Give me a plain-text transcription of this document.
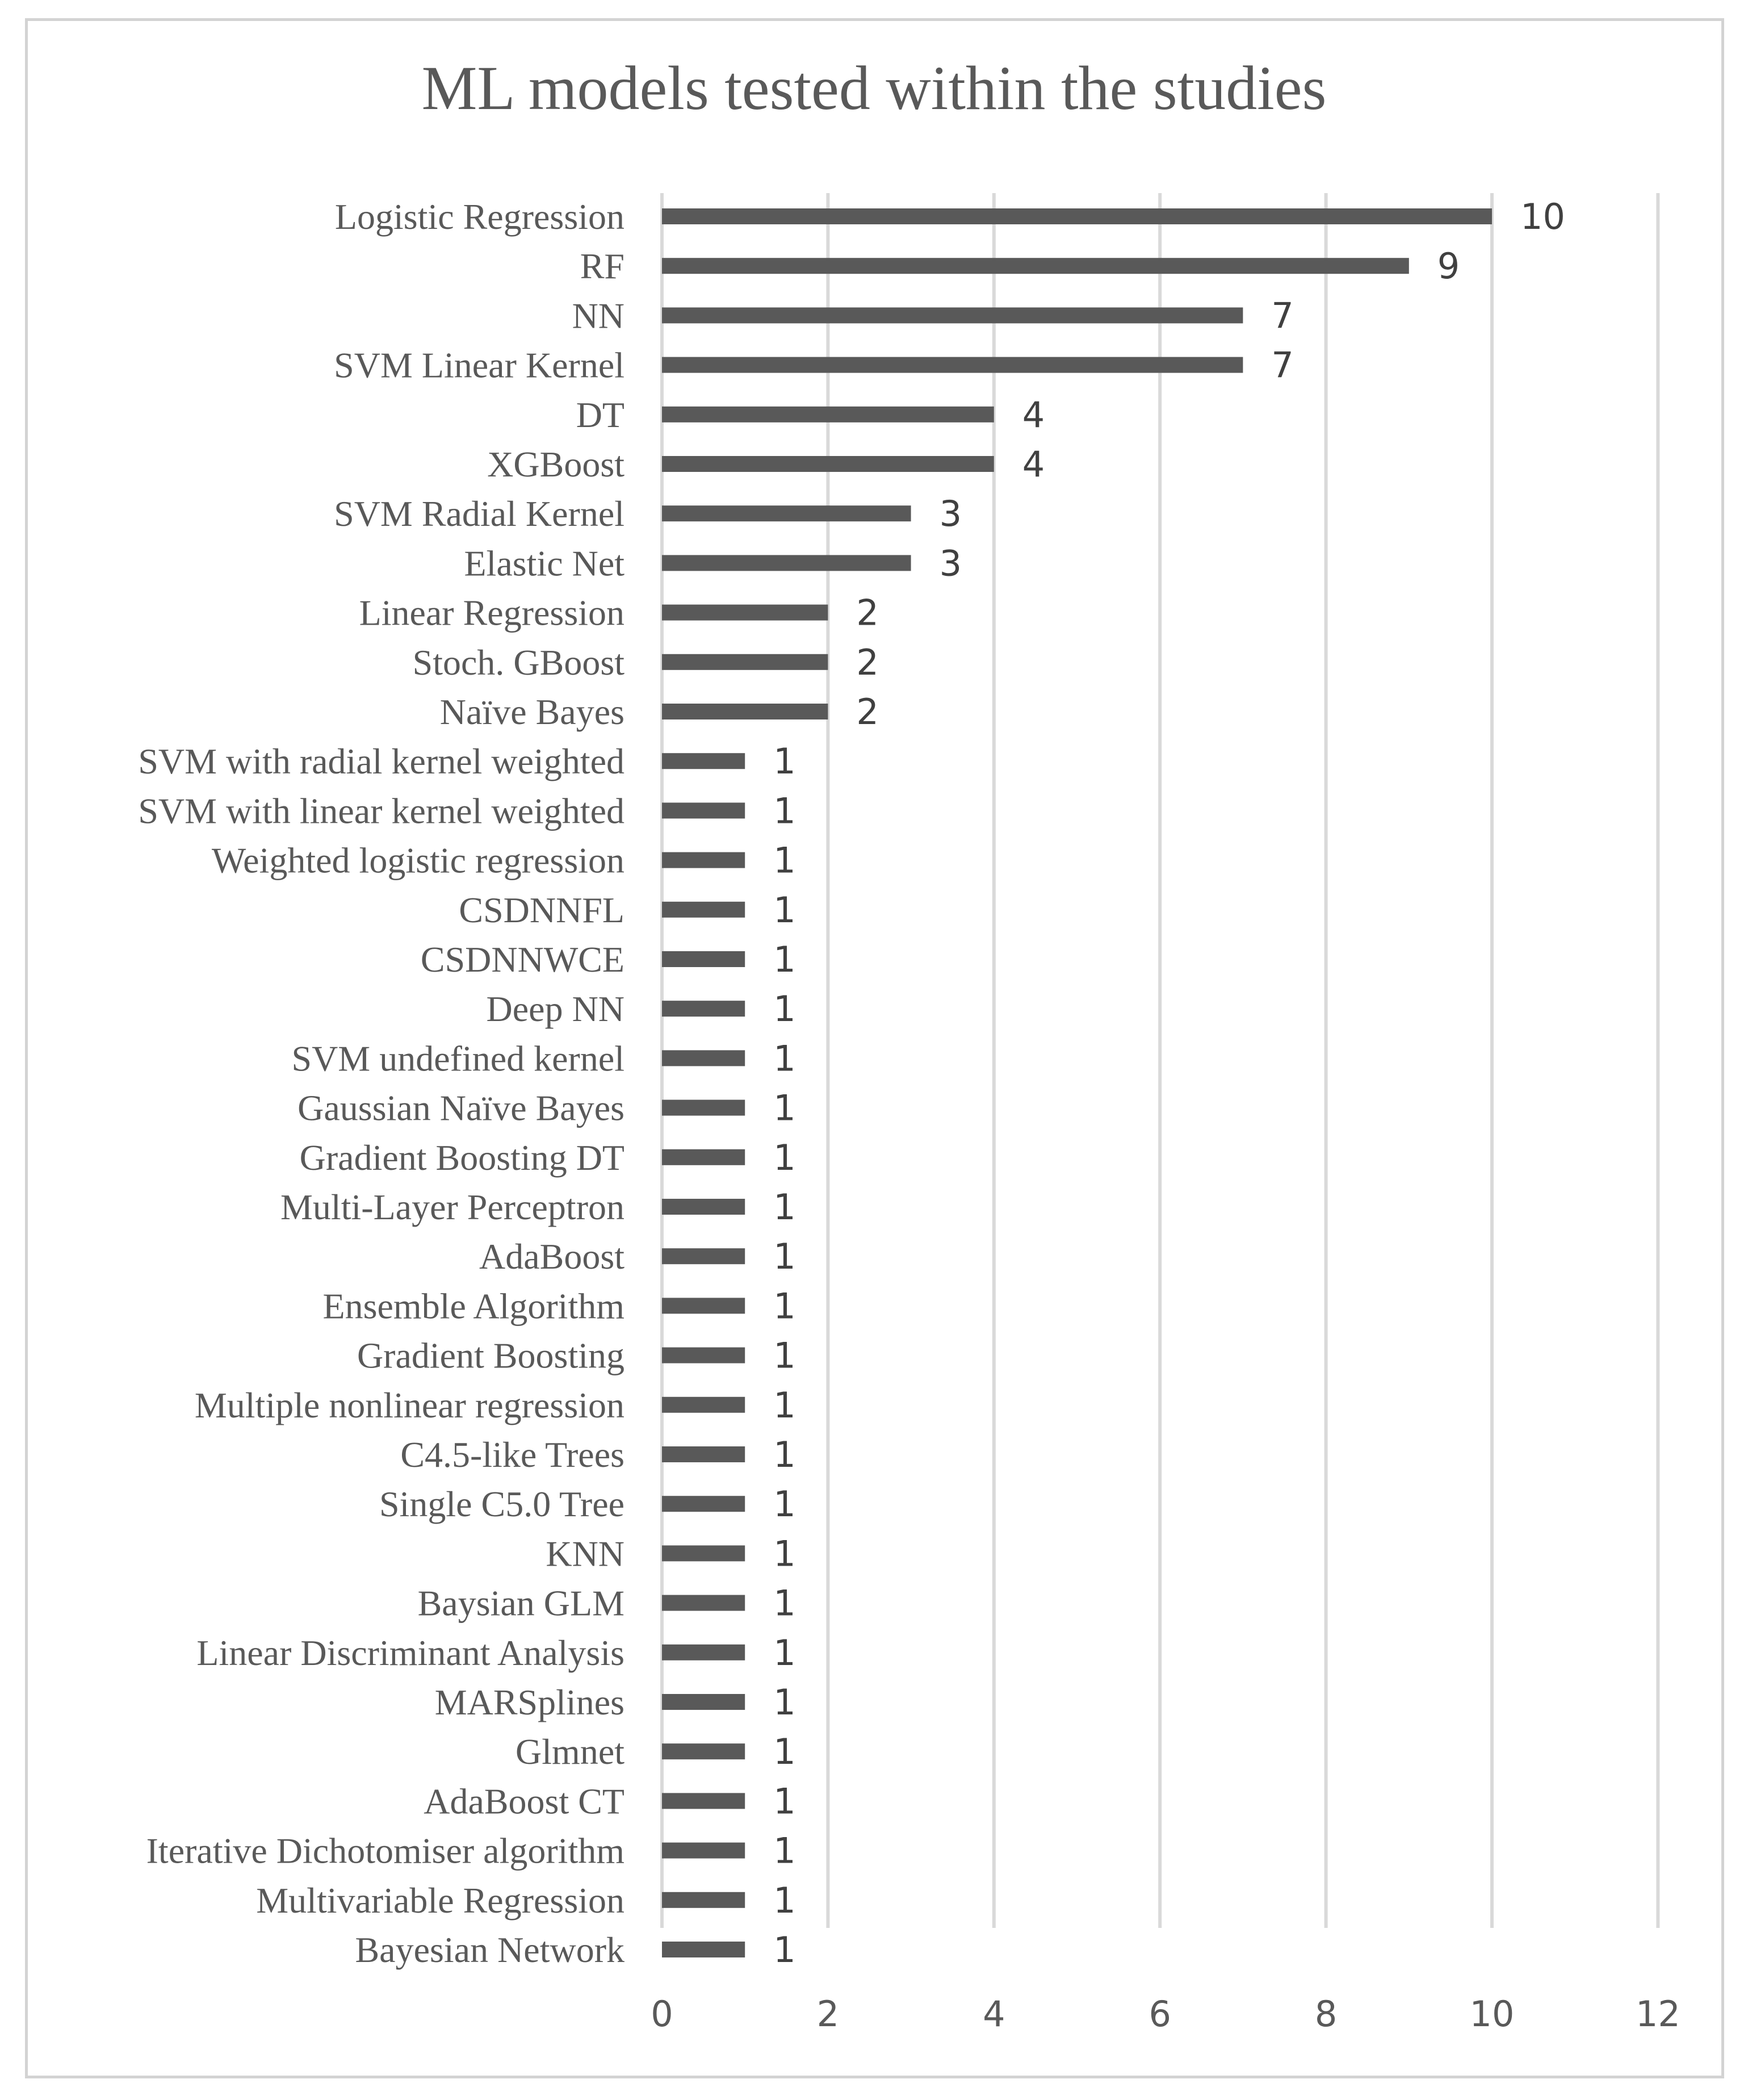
ML models tested within the studies
Logistic Regression
RF
NN
SVM Linear Kernel
DT
XGBoost
SVM Radial Kernel
Elastic Net
Linear Regression
Stoch. GBoost
Naïve Bayes
SVM with radial kernel weighted
SVM with linear kernel weighted
Weighted logistic regression
CSDNNFL
CSDNNWCE
Deep NN
SVM undefined kernel
Gaussian Naïve Bayes
Gradient Boosting DT
Multi-Layer Perceptron
AdaBoost
Ensemble Algorithm
Gradient Boosting
Multiple nonlinear regression
C4.5-like Trees
Single C5.0 Tree
KNN
Baysian GLM
Linear Discriminant Analysis
MARSplines
Glmnet
AdaBoost CT
Iterative Dichotomiser algorithm
Multivariable Regression
Bayesian Network
10
9
7
7
4
4
3
3
2
2
2
1
1
1
1
1
1
1
1
1
1
1
1
1
1
1
1
1
1
1
1
1
1
1
1
1
0	2	4	6	8	10	12
